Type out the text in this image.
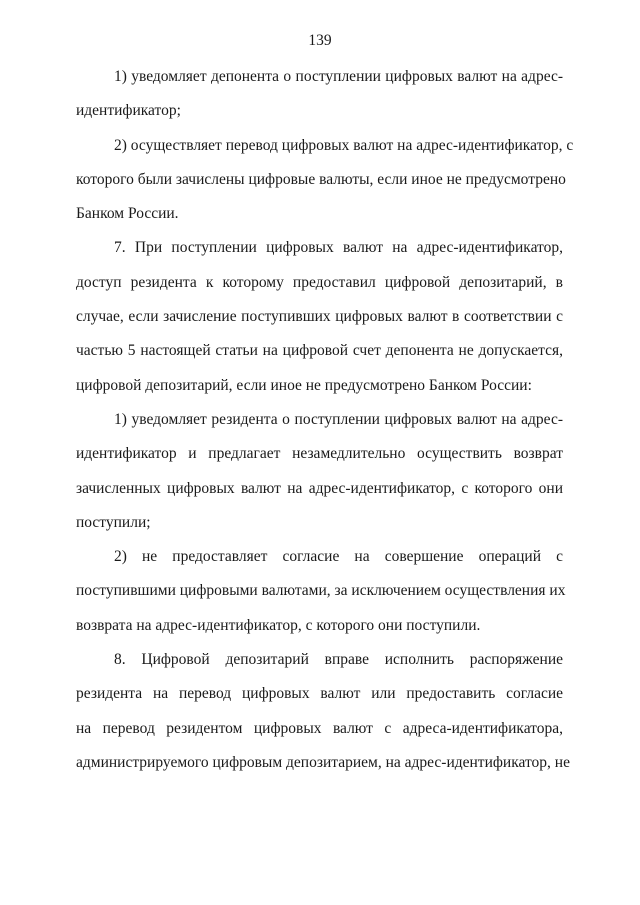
139
1) уведомляет депонента о поступлении цифровых валют на адрес-
идентификатор;
2) осуществляет перевод цифровых валют на адрес-идентификатор, с
которого были зачислены цифровые валюты, если иное не предусмотрено
Банком России.
7. При поступлении цифровых валют на адрес-идентификатор,
доступ резидента к которому предоставил цифровой депозитарий, в
случае, если зачисление поступивших цифровых валют в соответствии с
частью 5 настоящей статьи на цифровой счет депонента не допускается,
цифровой депозитарий, если иное не предусмотрено Банком России:
1) уведомляет резидента о поступлении цифровых валют на адрес-
идентификатор и предлагает незамедлительно осуществить возврат
зачисленных цифровых валют на адрес-идентификатор, с которого они
поступили;
2) не предоставляет согласие на совершение операций с
поступившими цифровыми валютами, за исключением осуществления их
возврата на адрес-идентификатор, с которого они поступили.
8. Цифровой депозитарий вправе исполнить распоряжение
резидента на перевод цифровых валют или предоставить согласие
на перевод резидентом цифровых валют с адреса-идентификатора,
администрируемого цифровым депозитарием, на адрес-идентификатор, не
